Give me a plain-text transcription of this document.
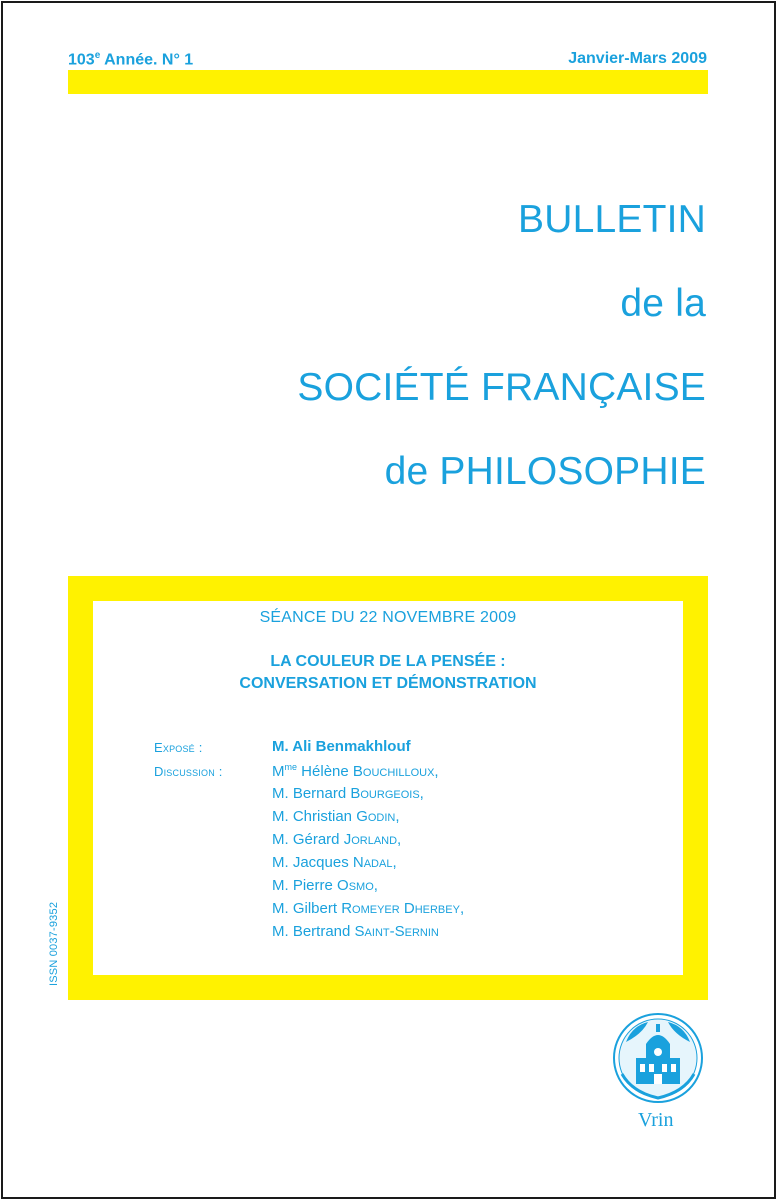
103e Année. N° 1	Janvier-Mars 2009
BULLETIN
de la
SOCIÉTÉ FRANÇAISE
de PHILOSOPHIE
SÉANCE DU 22 NOVEMBRE 2009
LA COULEUR DE LA PENSÉE :
CONVERSATION ET DÉMONSTRATION
Exposé :	M. Ali Benmakhlouf
Discussion :	$M^{me}$ Hélène Bouchilloux,
M. Bernard Bourgeois,
M. Christian Godin,
M. Gérard Jorland,
M. Jacques Nadal,
M. Pierre Osmo,
M. Gilbert Romeyer Dherbey,
M. Bertrand Saint-Sernin
ISSN 0037-9352
Vrin
